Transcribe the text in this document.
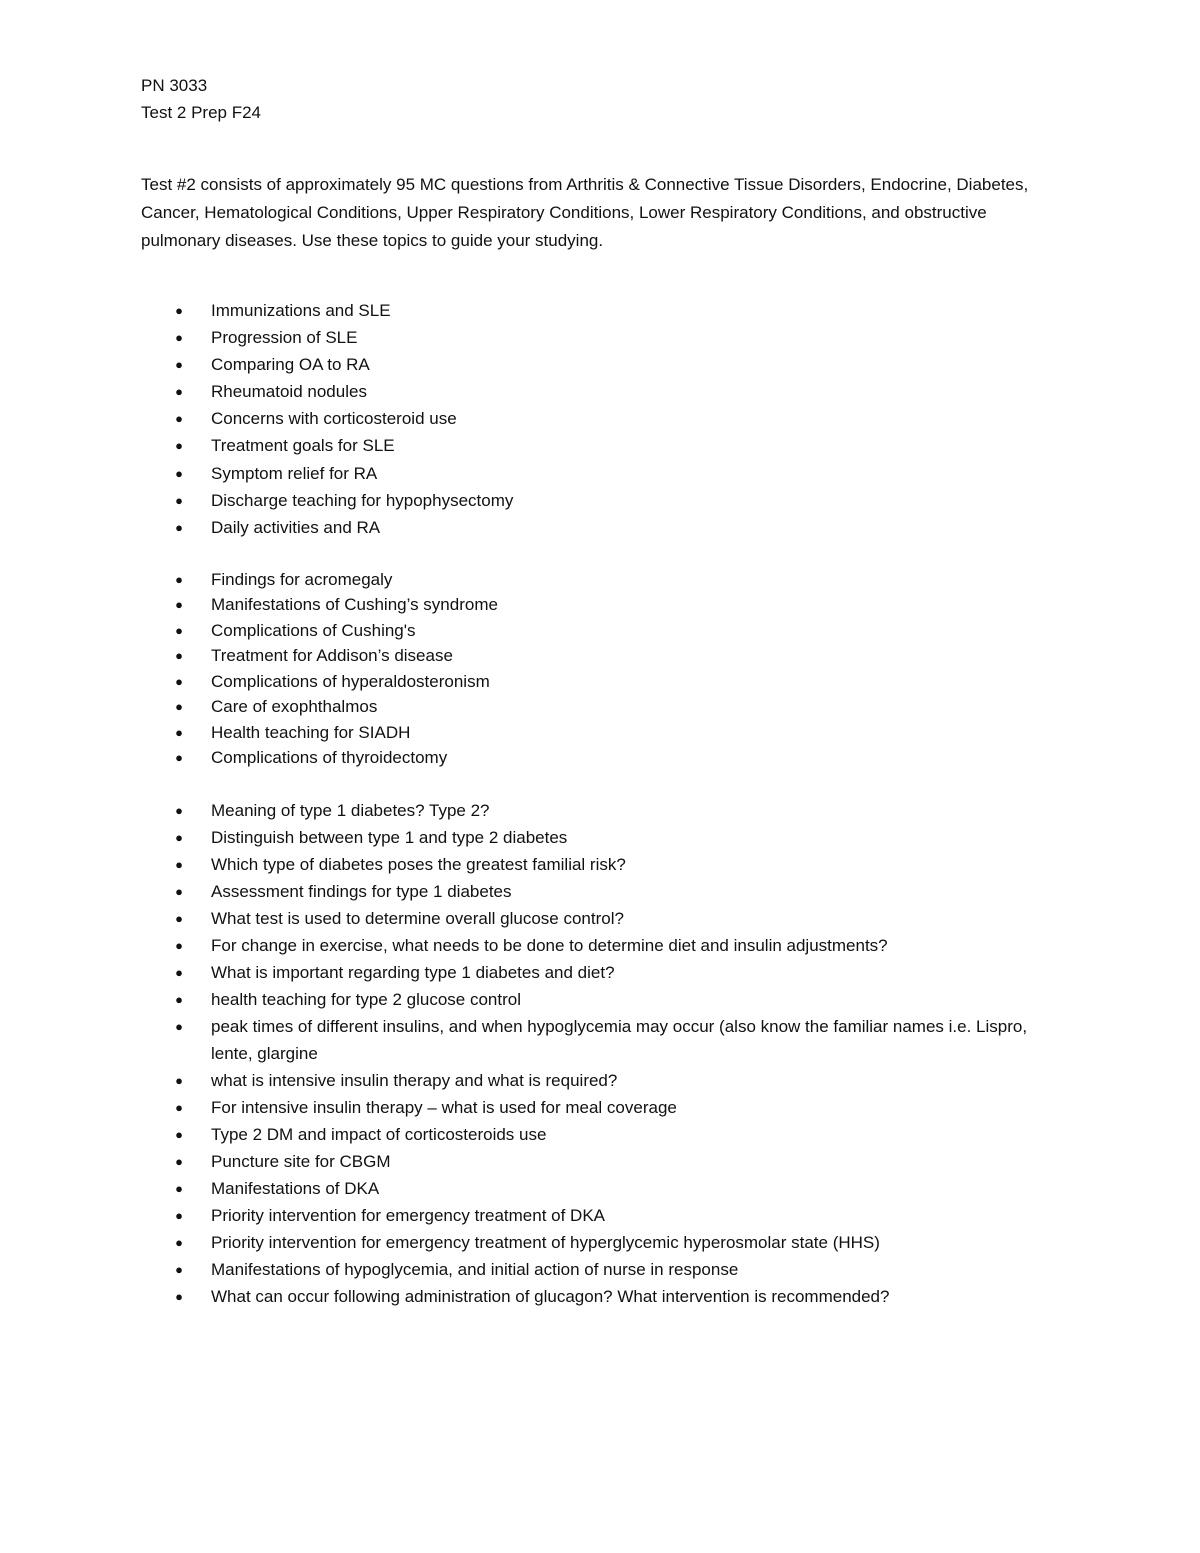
PN 3033

Test 2 Prep F24

Test #2 consists of approximately 95 MC questions from Arthritis & Connective Tissue Disorders, Endocrine, Diabetes, Cancer, Hematological Conditions, Upper Respiratory Conditions, Lower Respiratory Conditions, and obstructive pulmonary diseases. Use these topics to guide your studying.

● Immunizations and SLE
● Progression of SLE
● Comparing OA to RA
● Rheumatoid nodules
● Concerns with corticosteroid use
● Treatment goals for SLE
● Symptom relief for RA
● Discharge teaching for hypophysectomy
● Daily activities and RA
● Findings for acromegaly
● Manifestations of Cushing’s syndrome
● Complications of Cushing's
● Treatment for Addison’s disease
● Complications of hyperaldosteronism
● Care of exophthalmos
● Health teaching for SIADH
● Complications of thyroidectomy
● Meaning of type 1 diabetes? Type 2?
● Distinguish between type 1 and type 2 diabetes
● Which type of diabetes poses the greatest familial risk?
● Assessment findings for type 1 diabetes
● What test is used to determine overall glucose control?
● For change in exercise, what needs to be done to determine diet and insulin adjustments?
● What is important regarding type 1 diabetes and diet?
● health teaching for type 2 glucose control
● peak times of different insulins, and when hypoglycemia may occur (also know the familiar names i.e. Lispro, lente, glargine
● what is intensive insulin therapy and what is required?
● For intensive insulin therapy – what is used for meal coverage
● Type 2 DM and impact of corticosteroids use
● Puncture site for CBGM
● Manifestations of DKA
● Priority intervention for emergency treatment of DKA
● Priority intervention for emergency treatment of hyperglycemic hyperosmolar state (HHS)
● Manifestations of hypoglycemia, and initial action of nurse in response
● What can occur following administration of glucagon? What intervention is recommended?
